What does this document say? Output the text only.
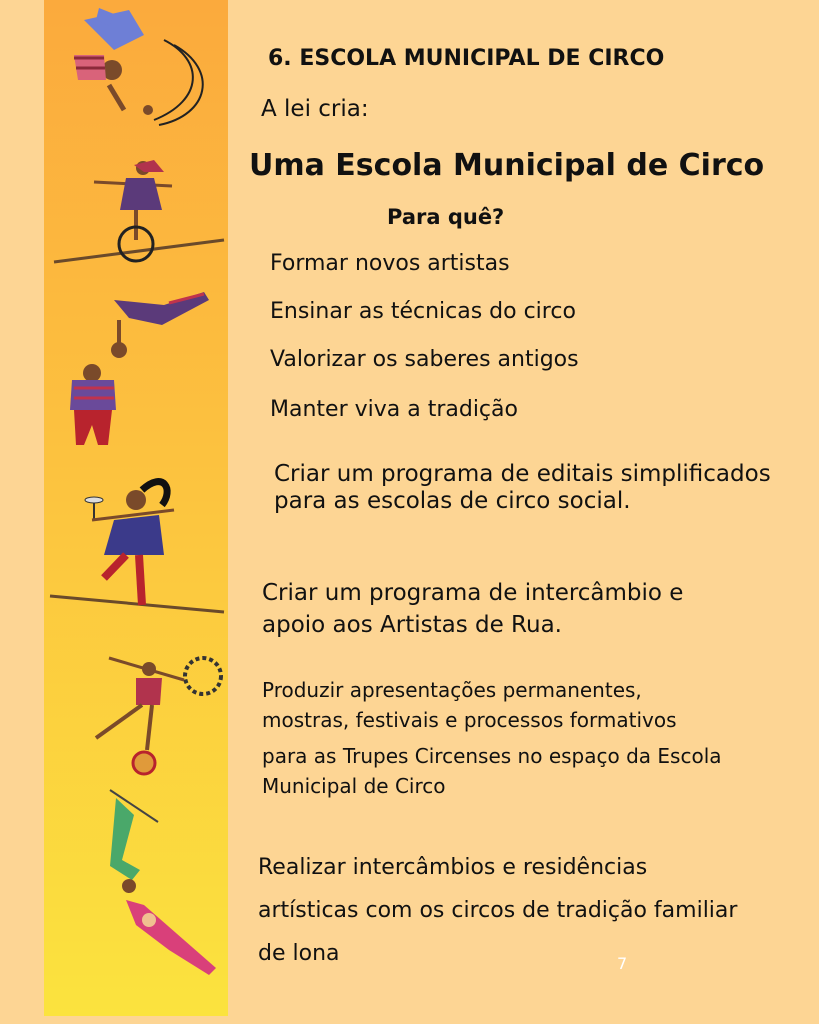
6. ESCOLA MUNICIPAL DE CIRCO

A lei cria:

Uma Escola Municipal de Circo

Para quê?

Formar novos artistas

Ensinar as técnicas do circo

Valorizar os saberes antigos

Manter viva a tradição

Criar um programa de editais simplificados para as escolas de circo social.

Criar um programa de intercâmbio e apoio aos Artistas de Rua.

Produzir apresentações permanentes, mostras, festivais e processos formativos

para as Trupes Circenses no espaço da Escola Municipal de Circo

Realizar intercâmbios e residências artísticas com os circos de tradição familiar de lona	7
